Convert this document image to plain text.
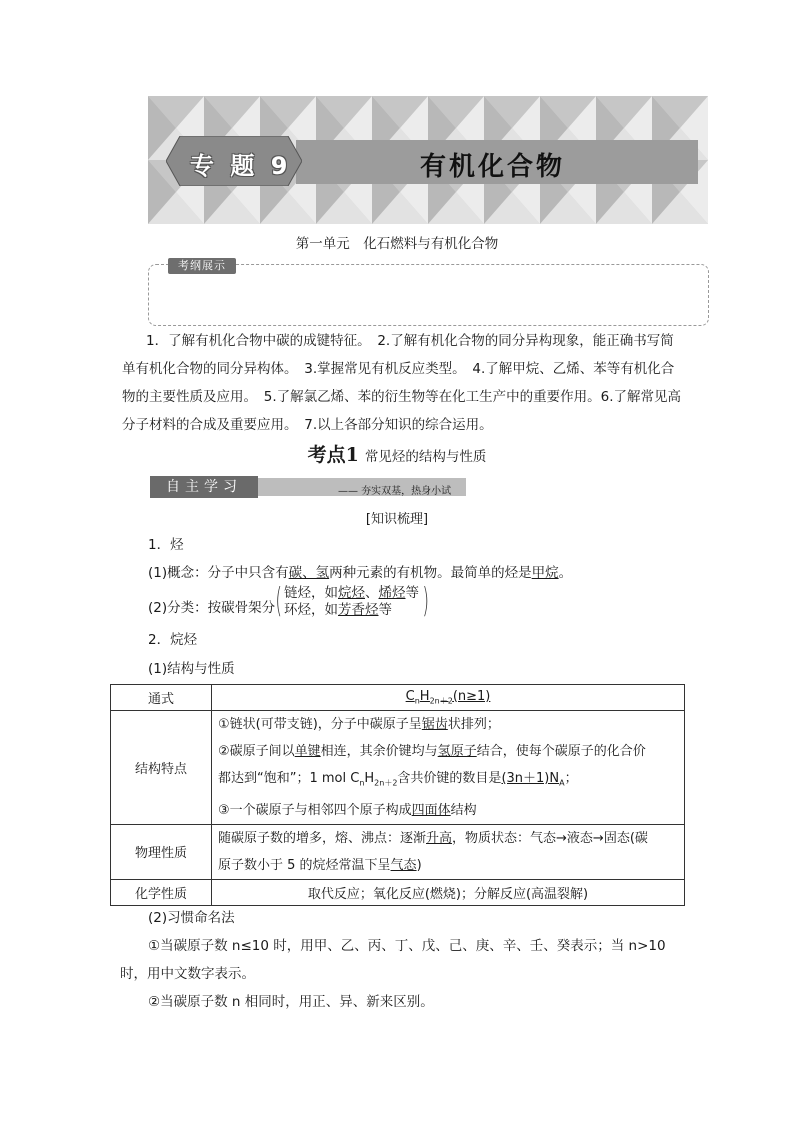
专 题 9	有机化合物
第一单元　化石燃料与有机化合物
考纲展示
1．了解有机化合物中碳的成键特征。　2.了解有机化合物的同分异构现象，能正确书写简单有机化合物的同分异构体。　3.掌握常见有机反应类型。　4.了解甲烷、乙烯、苯等有机化合物的主要性质及应用。　5.了解氯乙烯、苯的衍生物等在化工生产中的重要作用。6.了解常见高分子材料的合成及重要应用。　7.以上各部分知识的综合运用。
考点1 常见烃的结构与性质
自主学习	—— 夯实双基，热身小试
[知识梳理]
1．烃
(1)概念：分子中只含有碳、氢两种元素的有机物。最简单的烃是甲烷。
(2)分类：按碳骨架分 ( 链烃，如烷烃、烯烃等
环烃，如芳香烃等 )
2．烷烃
(1)结构与性质
通式	$C_nH_{2n+2}(n\ge 1)$
结构特点	①链状(可带支链)，分子中碳原子呈锯齿状排列；
②碳原子间以单键相连，其余价键均与氢原子结合，使每个碳原子的化合价
都达到“饱和”；1 mol $C_nH_{2n+2}$含共价键的数目是$(3n+1)N_A$；
③一个碳原子与相邻四个原子构成四面体结构

物理性质	随碳原子数的增多，熔、沸点：逐渐升高，物质状态：气态→液态→固态(碳
原子数小于 5 的烷烃常温下呈气态)

化学性质	取代反应；氧化反应(燃烧)；分解反应(高温裂解)
(2)习惯命名法
①当碳原子数 n≤10 时，用甲、乙、丙、丁、戊、己、庚、辛、壬、癸表示；当 n>10
时，用中文数字表示。
②当碳原子数 n 相同时，用正、异、新来区别。
